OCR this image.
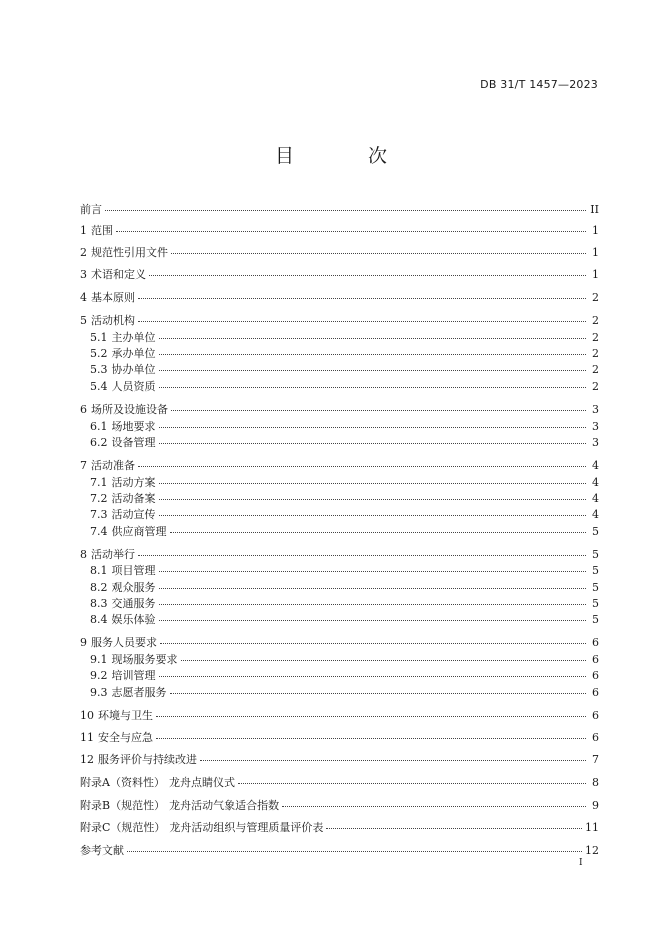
DB 31/T 1457—2023
目 次
前言	II
1 范围	1
2 规范性引用文件	1
3 术语和定义	1
4 基本原则	2
5 活动机构	2
5.1 主办单位	2
5.2 承办单位	2
5.3 协办单位	2
5.4 人员资质	2
6 场所及设施设备	3
6.1 场地要求	3
6.2 设备管理	3
7 活动准备	4
7.1 活动方案	4
7.2 活动备案	4
7.3 活动宣传	4
7.4 供应商管理	5
8 活动举行	5
8.1 项目管理	5
8.2 观众服务	5
8.3 交通服务	5
8.4 娱乐体验	5
9 服务人员要求	6
9.1 现场服务要求	6
9.2 培训管理	6
9.3 志愿者服务	6
10 环境与卫生	6
11 安全与应急	6
12 服务评价与持续改进	7
附录A（资料性） 龙舟点睛仪式	8
附录B（规范性） 龙舟活动气象适合指数	9
附录C（规范性） 龙舟活动组织与管理质量评价表	11
参考文献	12
I
